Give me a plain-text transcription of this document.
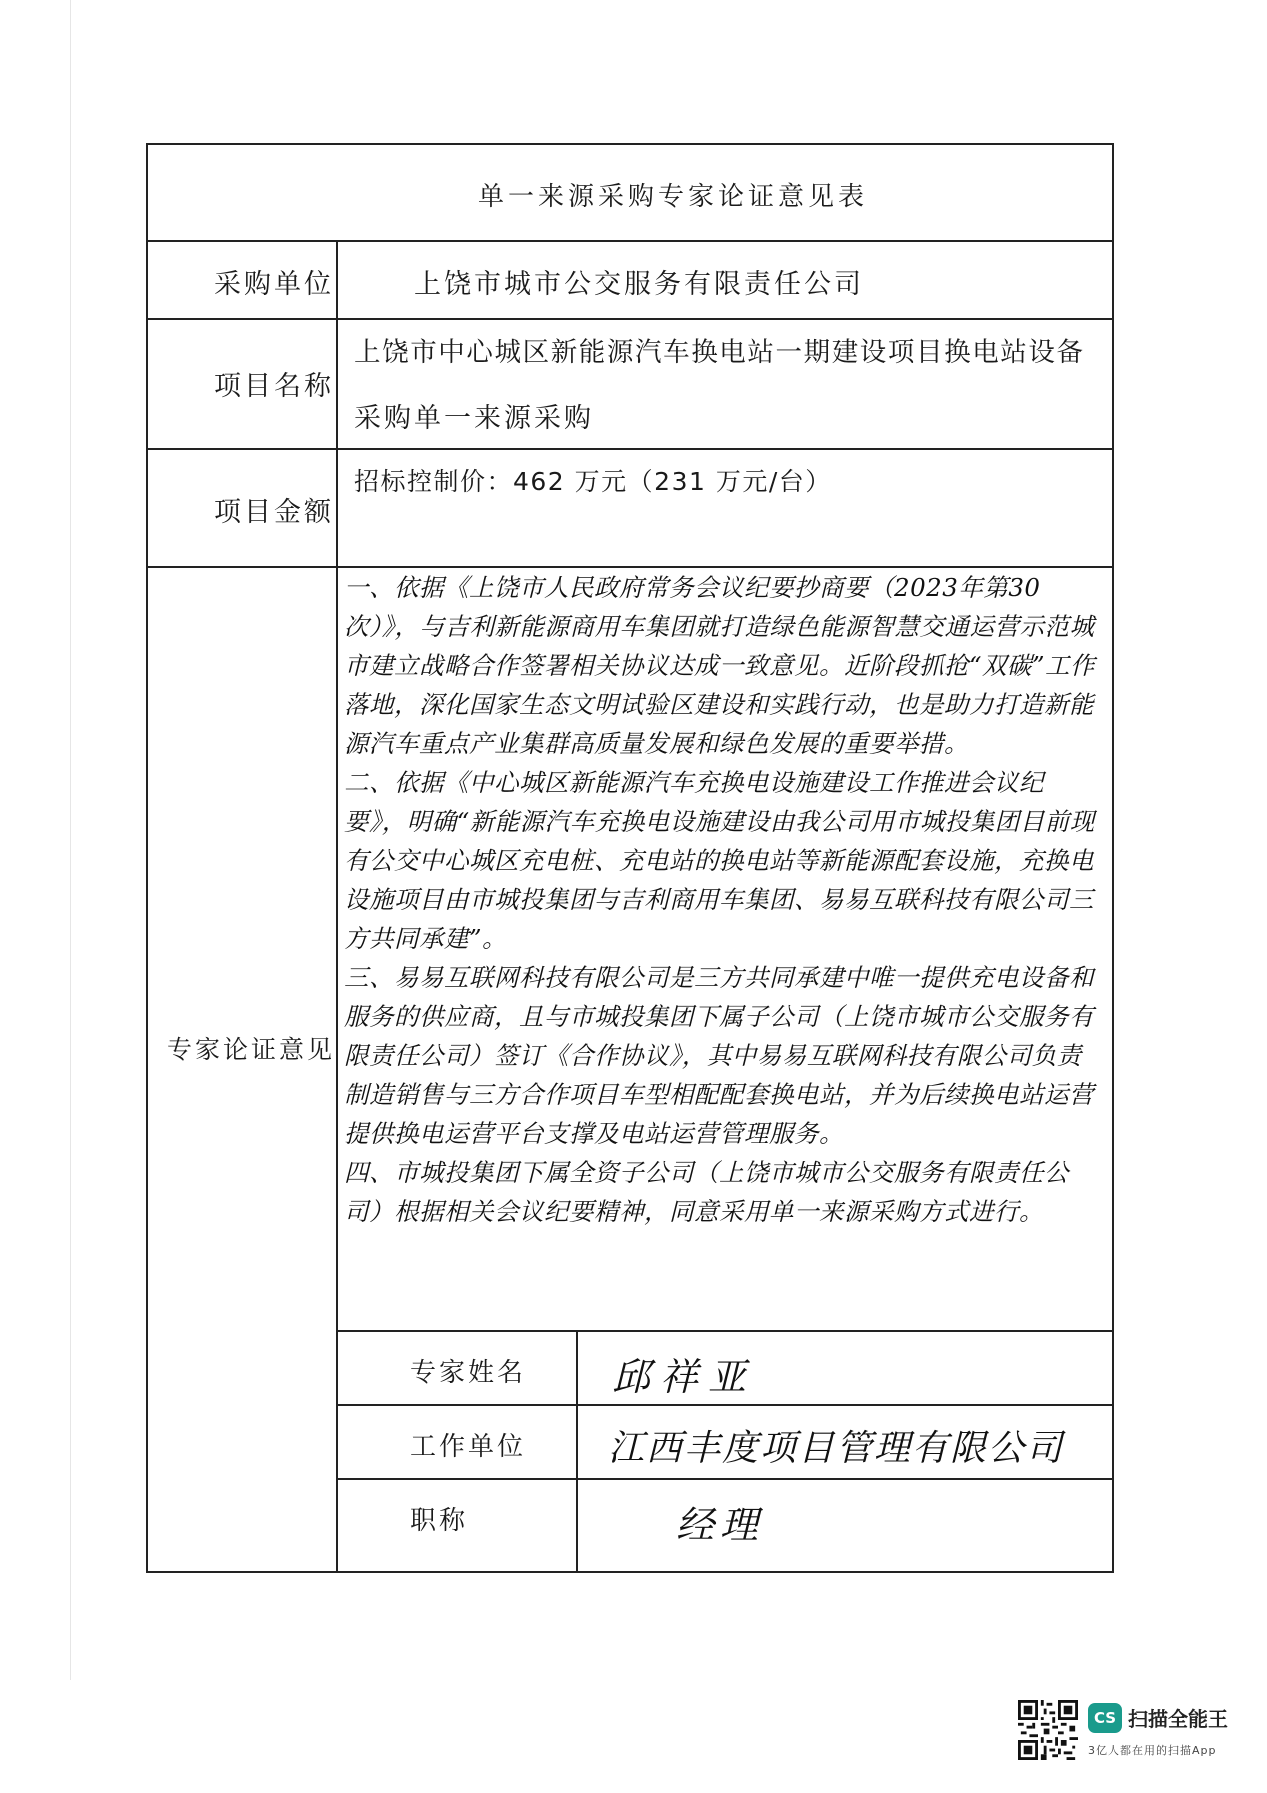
单一来源采购专家论证意见表
采购单位
项目名称
项目金额
专家论证意见
专家姓名
工作单位
职称
上饶市城市公交服务有限责任公司
上饶市中心城区新能源汽车换电站一期建设项目换电站设备
采购单一来源采购
招标控制价：462 万元（231 万元/台）
一、依据《上饶市人民政府常务会议纪要抄商要（2023年第30次）》，与吉利新能源商用车集团就打造绿色能源智慧交通运营示范城市建立战略合作签署相关协议达成一致意见。近阶段抓抢“双碳”工作落地，深化国家生态文明试验区建设和实践行动，也是助力打造新能源汽车重点产业集群高质量发展和绿色发展的重要举措。
二、依据《中心城区新能源汽车充换电设施建设工作推进会议纪要》，明确“新能源汽车充换电设施建设由我公司用市城投集团目前现有公交中心城区充电桩、充电站的换电站等新能源配套设施，充换电设施项目由市城投集团与吉利商用车集团、易易互联科技有限公司三方共同承建”。
三、易易互联网科技有限公司是三方共同承建中唯一提供充电设备和服务的供应商，且与市城投集团下属子公司（上饶市城市公交服务有限责任公司）签订《合作协议》，其中易易互联网科技有限公司负责制造销售与三方合作项目车型相配配套换电站，并为后续换电站运营提供换电运营平台支撑及电站运营管理服务。
四、市城投集团下属全资子公司（上饶市城市公交服务有限责任公司）根据相关会议纪要精神，同意采用单一来源采购方式进行。
邱祥亚
江西丰度项目管理有限公司
经理
CS 扫描全能王
3亿人都在用的扫描App
